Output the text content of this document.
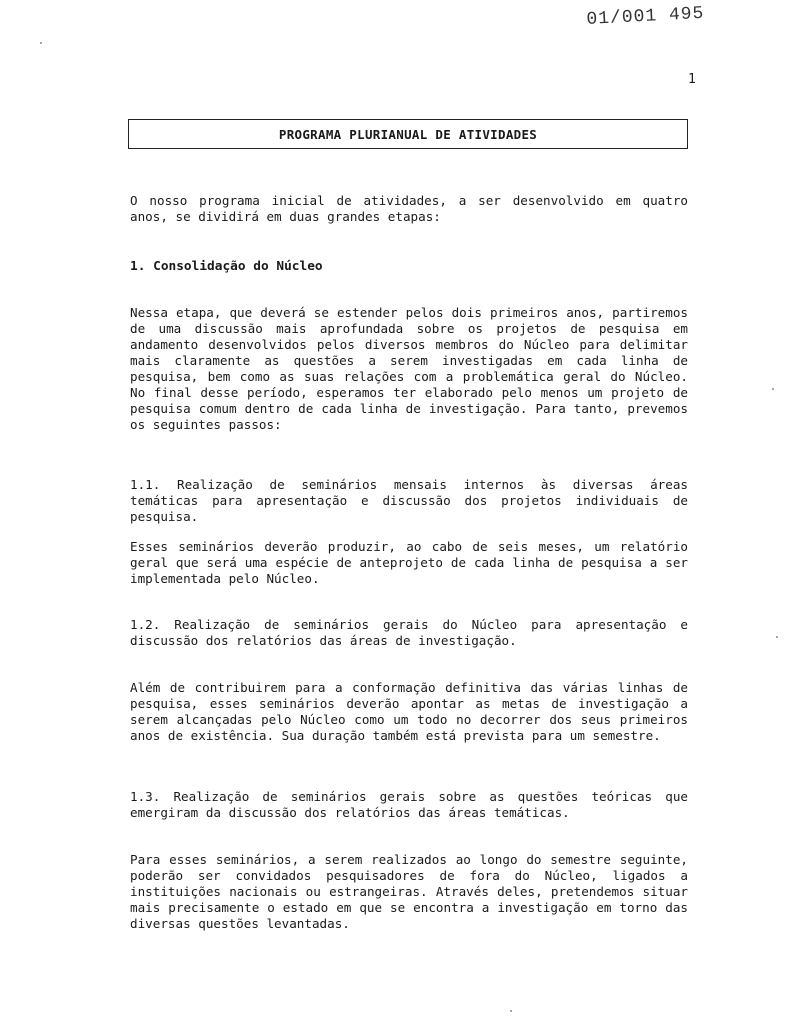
01/001 495
1
PROGRAMA PLURIANUAL DE ATIVIDADES

O nosso programa inicial de atividades, a ser desenvolvido em quatro anos, se dividirá em duas grandes etapas:

1. Consolidação do Núcleo

Nessa etapa, que deverá se estender pelos dois primeiros anos, partiremos de uma discussão mais aprofundada sobre os projetos de pesquisa em andamento desenvolvidos pelos diversos membros do Núcleo para delimitar mais claramente as questões a serem investigadas em cada linha de pesquisa, bem como as suas relações com a problemática geral do Núcleo. No final desse período, esperamos ter elaborado pelo menos um projeto de pesquisa comum dentro de cada linha de investigação. Para tanto, prevemos os seguintes passos:

1.1. Realização de seminários mensais internos às diversas áreas temáticas para apresentação e discussão dos projetos individuais de pesquisa.

Esses seminários deverão produzir, ao cabo de seis meses, um relatório geral que será uma espécie de anteprojeto de cada linha de pesquisa a ser implementada pelo Núcleo.

1.2. Realização de seminários gerais do Núcleo para apresentação e discussão dos relatórios das áreas de investigação.

Além de contribuirem para a conformação definitiva das várias linhas de pesquisa, esses seminários deverão apontar as metas de investigação a serem alcançadas pelo Núcleo como um todo no decorrer dos seus primeiros anos de existência. Sua duração também está prevista para um semestre.

1.3. Realização de seminários gerais sobre as questões teóricas que emergiram da discussão dos relatórios das áreas temáticas.

Para esses seminários, a serem realizados ao longo do semestre seguinte, poderão ser convidados pesquisadores de fora do Núcleo, ligados a instituições nacionais ou estrangeiras. Através deles, pretendemos situar mais precisamente o estado em que se encontra a investigação em torno das diversas questões levantadas.
